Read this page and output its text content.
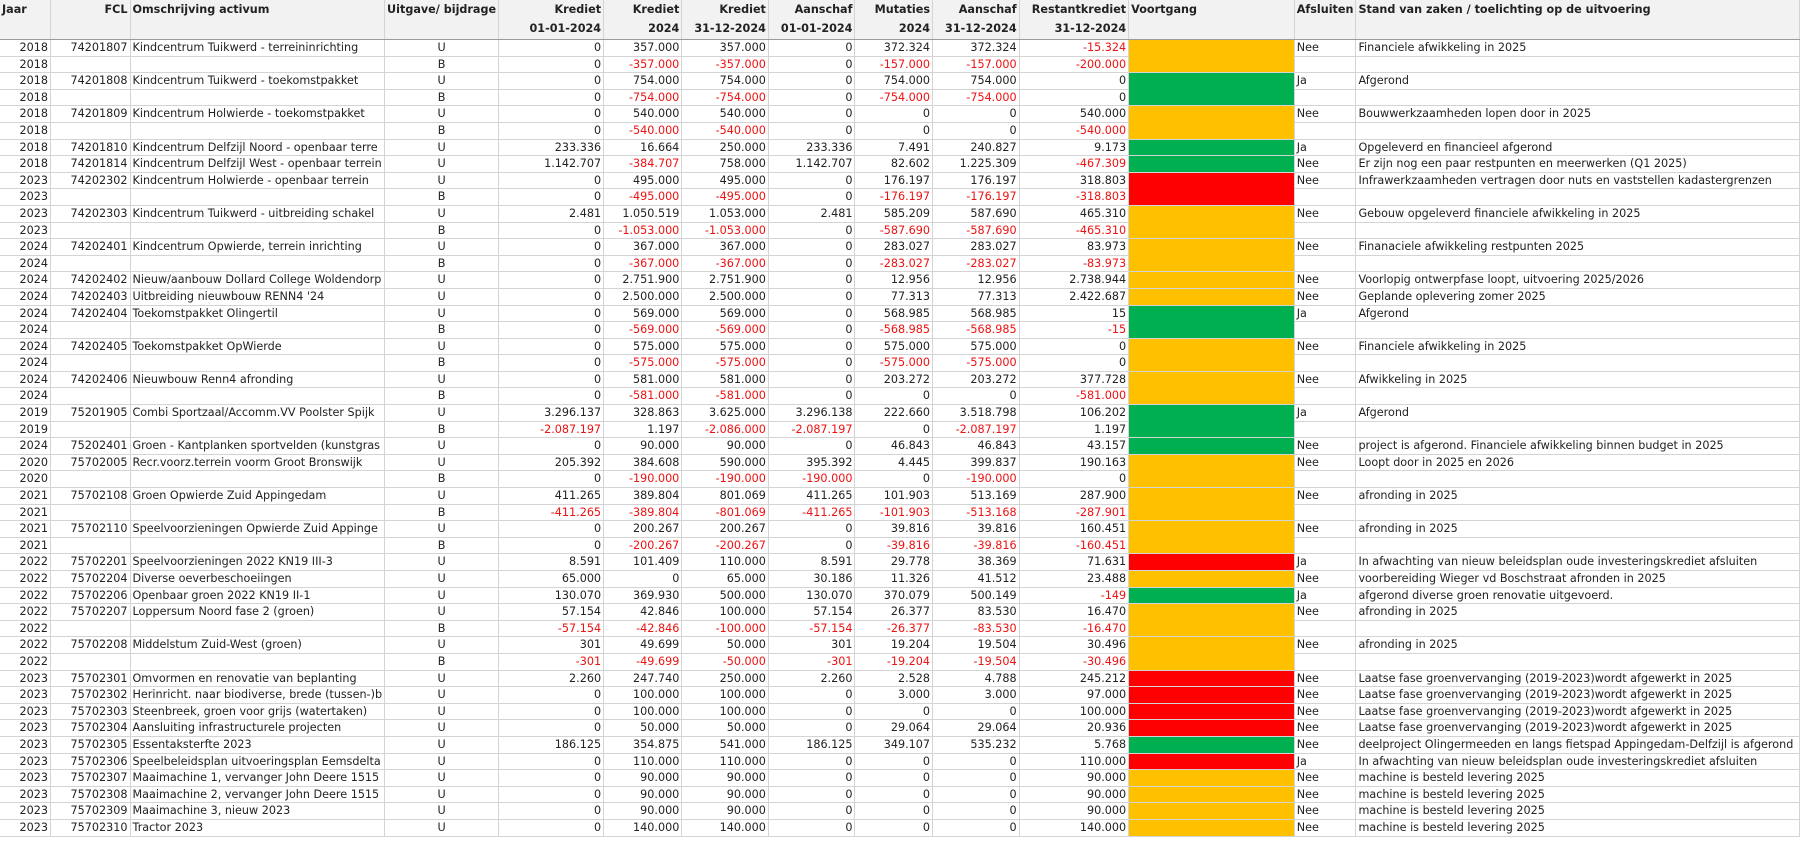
Jaar	FCL	Omschrijving activum	Uitgave/ bijdrage	Krediet	Krediet	Krediet	Aanschaf	Mutaties	Aanschaf	Restantkrediet	Voortgang	Afsluiten	Stand van zaken / toelichting op de uitvoering
				01-01-2024	2024	31-12-2024	01-01-2024	2024	31-12-2024	31-12-2024			
2018	74201807	Kindcentrum Tuikwerd - terreininrichting	U	0	357.000	357.000	0	372.324	372.324	-15.324		Nee	Financiele afwikkeling in 2025
2018			B	0	-357.000	-357.000	0	-157.000	-157.000	-200.000			
2018	74201808	Kindcentrum Tuikwerd - toekomstpakket	U	0	754.000	754.000	0	754.000	754.000	0		Ja	Afgerond
2018			B	0	-754.000	-754.000	0	-754.000	-754.000	0			
2018	74201809	Kindcentrum Holwierde - toekomstpakket	U	0	540.000	540.000	0	0	0	540.000		Nee	Bouwwerkzaamheden lopen door in 2025
2018			B	0	-540.000	-540.000	0	0	0	-540.000			
2018	74201810	Kindcentrum Delfzijl Noord - openbaar terre	U	233.336	16.664	250.000	233.336	7.491	240.827	9.173		Ja	Opgeleverd en financieel afgerond
2018	74201814	Kindcentrum Delfzijl West - openbaar terrein	U	1.142.707	-384.707	758.000	1.142.707	82.602	1.225.309	-467.309		Nee	Er zijn nog een paar restpunten en meerwerken (Q1 2025)
2023	74202302	Kindcentrum Holwierde - openbaar terrein	U	0	495.000	495.000	0	176.197	176.197	318.803		Nee	Infrawerkzaamheden vertragen door nuts en vaststellen kadastergrenzen
2023			B	0	-495.000	-495.000	0	-176.197	-176.197	-318.803			
2023	74202303	Kindcentrum Tuikwerd - uitbreiding schakel	U	2.481	1.050.519	1.053.000	2.481	585.209	587.690	465.310		Nee	Gebouw opgeleverd financiele afwikkeling in 2025
2023			B	0	-1.053.000	-1.053.000	0	-587.690	-587.690	-465.310			
2024	74202401	Kindcentrum Opwierde, terrein inrichting	U	0	367.000	367.000	0	283.027	283.027	83.973		Nee	Finanaciele afwikkeling restpunten 2025
2024			B	0	-367.000	-367.000	0	-283.027	-283.027	-83.973			
2024	74202402	Nieuw/aanbouw Dollard College Woldendorp	U	0	2.751.900	2.751.900	0	12.956	12.956	2.738.944		Nee	Voorlopig ontwerpfase loopt, uitvoering 2025/2026
2024	74202403	Uitbreiding nieuwbouw RENN4 '24	U	0	2.500.000	2.500.000	0	77.313	77.313	2.422.687		Nee	Geplande oplevering zomer 2025
2024	74202404	Toekomstpakket Olingertil	U	0	569.000	569.000	0	568.985	568.985	15		Ja	Afgerond
2024			B	0	-569.000	-569.000	0	-568.985	-568.985	-15			
2024	74202405	Toekomstpakket OpWierde	U	0	575.000	575.000	0	575.000	575.000	0		Nee	Financiele afwikkeling in 2025
2024			B	0	-575.000	-575.000	0	-575.000	-575.000	0			
2024	74202406	Nieuwbouw Renn4 afronding	U	0	581.000	581.000	0	203.272	203.272	377.728		Nee	Afwikkeling in 2025
2024			B	0	-581.000	-581.000	0	0	0	-581.000			
2019	75201905	Combi Sportzaal/Accomm.VV Poolster Spijk	U	3.296.137	328.863	3.625.000	3.296.138	222.660	3.518.798	106.202		Ja	Afgerond
2019			B	-2.087.197	1.197	-2.086.000	-2.087.197	0	-2.087.197	1.197			
2024	75202401	Groen - Kantplanken sportvelden (kunstgras	U	0	90.000	90.000	0	46.843	46.843	43.157		Nee	project is afgerond. Financiele afwikkeling binnen budget in 2025
2020	75702005	Recr.voorz.terrein voorm Groot Bronswijk	U	205.392	384.608	590.000	395.392	4.445	399.837	190.163		Nee	Loopt door in 2025 en 2026
2020			B	0	-190.000	-190.000	-190.000	0	-190.000	0			
2021	75702108	Groen Opwierde Zuid Appingedam	U	411.265	389.804	801.069	411.265	101.903	513.169	287.900		Nee	afronding in 2025
2021			B	-411.265	-389.804	-801.069	-411.265	-101.903	-513.168	-287.901			
2021	75702110	Speelvoorzieningen Opwierde Zuid Appinge	U	0	200.267	200.267	0	39.816	39.816	160.451		Nee	afronding in 2025
2021			B	0	-200.267	-200.267	0	-39.816	-39.816	-160.451			
2022	75702201	Speelvoorzieningen 2022 KN19 III-3	U	8.591	101.409	110.000	8.591	29.778	38.369	71.631		Ja	In afwachting van nieuw beleidsplan oude investeringskrediet afsluiten
2022	75702204	Diverse oeverbeschoeiingen	U	65.000	0	65.000	30.186	11.326	41.512	23.488		Nee	voorbereiding Wieger vd Boschstraat afronden in 2025
2022	75702206	Openbaar groen 2022 KN19 II-1	U	130.070	369.930	500.000	130.070	370.079	500.149	-149		Ja	afgerond diverse groen renovatie uitgevoerd.
2022	75702207	Loppersum Noord fase 2 (groen)	U	57.154	42.846	100.000	57.154	26.377	83.530	16.470		Nee	afronding in 2025
2022			B	-57.154	-42.846	-100.000	-57.154	-26.377	-83.530	-16.470			
2022	75702208	Middelstum Zuid-West (groen)	U	301	49.699	50.000	301	19.204	19.504	30.496		Nee	afronding in 2025
2022			B	-301	-49.699	-50.000	-301	-19.204	-19.504	-30.496			
2023	75702301	Omvormen en renovatie van beplanting	U	2.260	247.740	250.000	2.260	2.528	4.788	245.212		Nee	Laatse fase groenvervanging (2019-2023)wordt afgewerkt in 2025
2023	75702302	Herinricht. naar biodiverse, brede (tussen-)b	U	0	100.000	100.000	0	3.000	3.000	97.000		Nee	Laatse fase groenvervanging (2019-2023)wordt afgewerkt in 2025
2023	75702303	Steenbreek, groen voor grijs (watertaken)	U	0	100.000	100.000	0	0	0	100.000		Nee	Laatse fase groenvervanging (2019-2023)wordt afgewerkt in 2025
2023	75702304	Aansluiting infrastructurele projecten	U	0	50.000	50.000	0	29.064	29.064	20.936		Nee	Laatse fase groenvervanging (2019-2023)wordt afgewerkt in 2025
2023	75702305	Essentaksterfte 2023	U	186.125	354.875	541.000	186.125	349.107	535.232	5.768		Nee	deelproject Olingermeeden en langs fietspad Appingedam-Delfzijl is afgerond
2023	75702306	Speelbeleidsplan uitvoeringsplan Eemsdelta	U	0	110.000	110.000	0	0	0	110.000		Ja	In afwachting van nieuw beleidsplan oude investeringskrediet afsluiten
2023	75702307	Maaimachine 1, vervanger John Deere 1515	U	0	90.000	90.000	0	0	0	90.000		Nee	machine is besteld levering 2025
2023	75702308	Maaimachine 2, vervanger John Deere 1515	U	0	90.000	90.000	0	0	0	90.000		Nee	machine is besteld levering 2025
2023	75702309	Maaimachine 3, nieuw 2023	U	0	90.000	90.000	0	0	0	90.000		Nee	machine is besteld levering 2025
2023	75702310	Tractor 2023	U	0	140.000	140.000	0	0	0	140.000		Nee	machine is besteld levering 2025
